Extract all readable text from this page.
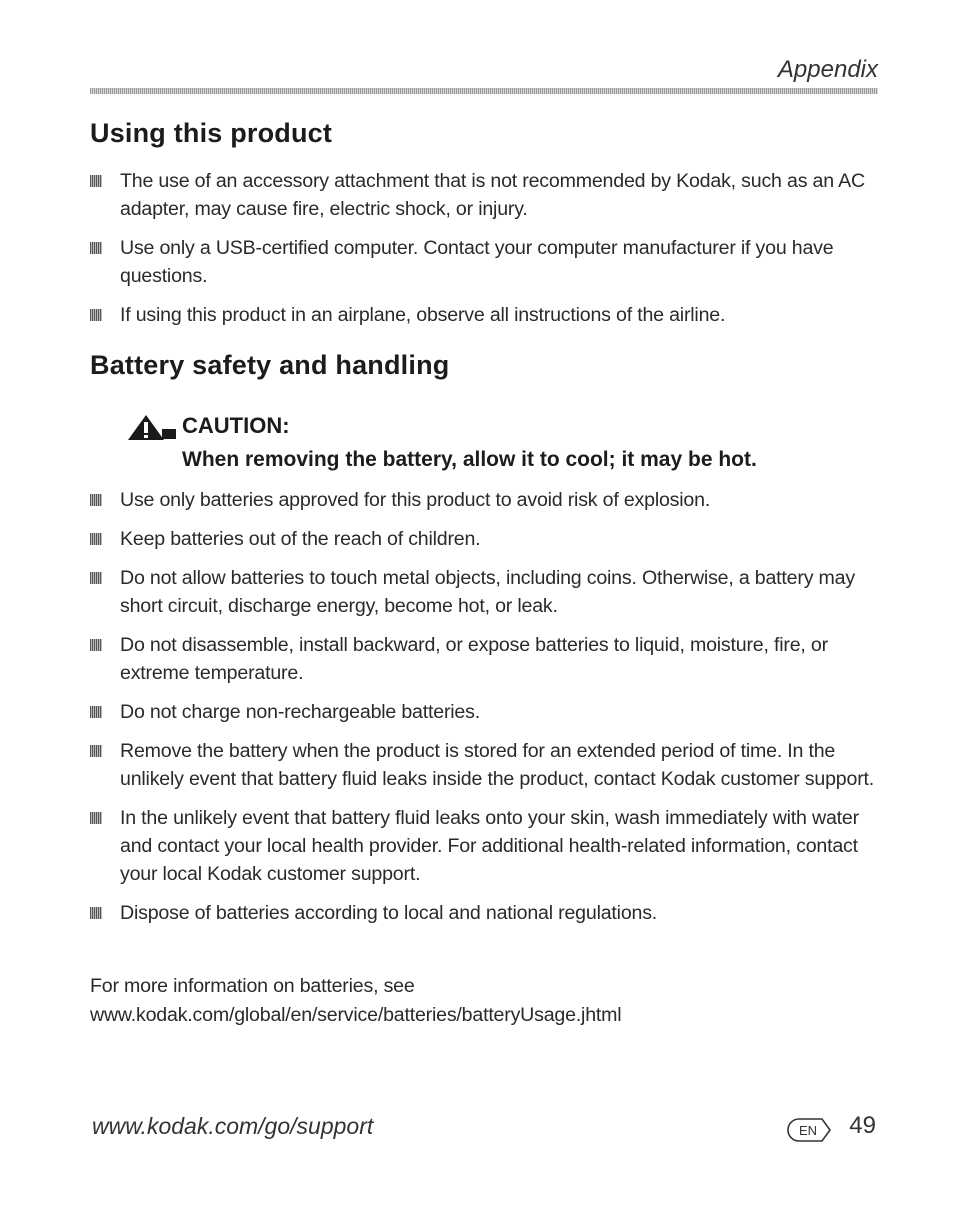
Appendix
Using this product
The use of an accessory attachment that is not recommended by Kodak, such as an AC adapter, may cause fire, electric shock, or injury.
Use only a USB-certified computer. Contact your computer manufacturer if you have questions.
If using this product in an airplane, observe all instructions of the airline.
Battery safety and handling
CAUTION:
When removing the battery, allow it to cool; it may be hot.
Use only batteries approved for this product to avoid risk of explosion.
Keep batteries out of the reach of children.
Do not allow batteries to touch metal objects, including coins. Otherwise, a battery may short circuit, discharge energy, become hot, or leak.
Do not disassemble, install backward, or expose batteries to liquid, moisture, fire, or extreme temperature.
Do not charge non-rechargeable batteries.
Remove the battery when the product is stored for an extended period of time. In the unlikely event that battery fluid leaks inside the product, contact Kodak customer support.
In the unlikely event that battery fluid leaks onto your skin, wash immediately with water and contact your local health provider. For additional health-related information, contact your local Kodak customer support.
Dispose of batteries according to local and national regulations.

For more information on batteries, see
www.kodak.com/global/en/service/batteries/batteryUsage.jhtml

www.kodak.com/go/support	EN 49
